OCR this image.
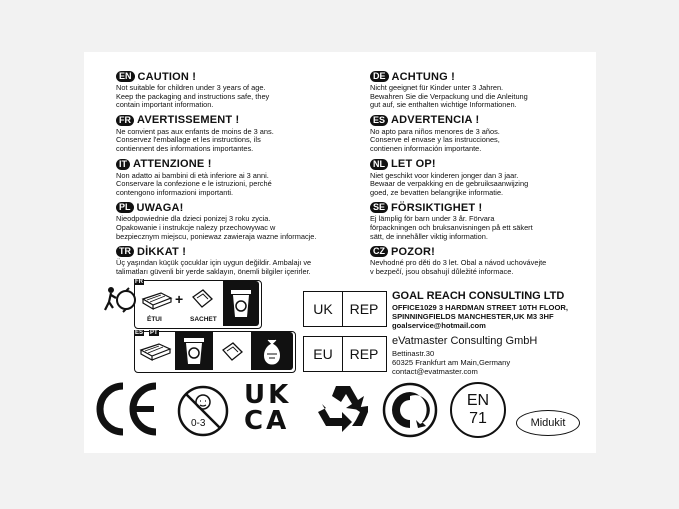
EN CAUTION !
Not suitable for children under 3 years of age.
Keep the packaging and instructions safe, they
contain important information.
FR AVERTISSEMENT !
Ne convient pas aux enfants de moins de 3 ans.
Conservez l'emballage et les instructions, ils
contiennent des informations importantes.
IT ATTENZIONE !
Non adatto ai bambini di età inferiore ai 3 anni.
Conservare la confezione e le istruzioni, perché
contengono informazioni importanti.
PL UWAGA!
Nieodpowiednie dla dzieci ponizej 3 roku zycia.
Opakowanie i instrukcje nalezy przechowywac w
bezpiecznym miejscu, poniewaz zawieraja wazne informacje.
TR DİKKAT !
Üç yaşından küçük çocuklar için uygun değildir. Ambalajı ve
talimatları güvenli bir yerde saklayın, önemli bilgiler içerirler.
DE ACHTUNG !
Nicht geeignet für Kinder unter 3 Jahren.
Bewahren Sie die Verpackung und die Anleitung
gut auf, sie enthalten wichtige Informationen.
ES ADVERTENCIA !
No apto para niños menores de 3 años.
Conserve el envase y las instrucciones,
contienen información importante.
NL LET OP!
Niet geschikt voor kinderen jonger dan 3 jaar.
Bewaar de verpakking en de gebruiksaanwijzing
goed, ze bevatten belangrijke informatie.
SE FÖRSIKTIGHET !
Ej lämplig för barn under 3 år. Förvara
förpackningen och bruksanvisningen på ett säkert
sätt, de innehåller viktig information.
CZ POZOR!
Nevhodné pro děti do 3 let. Obal a návod uchovávejte
v bezpečí, jsou obsahují důležité informace.
FR
+
ÉTUI	SACHET
ES PT
UK	REP
GOAL REACH CONSULTING LTD
OFFICE1029 3 HARDMAN STREET 10TH FLOOR,
SPINNINGFIELDS MANCHESTER,UK M3 3HF
goalservice@hotmail.com
EU	REP
eVatmaster Consulting GmbH
Bettinastr.30
60325 Frankfurt am Main,Germany
contact@evatmaster.com
0-3
UK
CA
EN
71	Midukit
